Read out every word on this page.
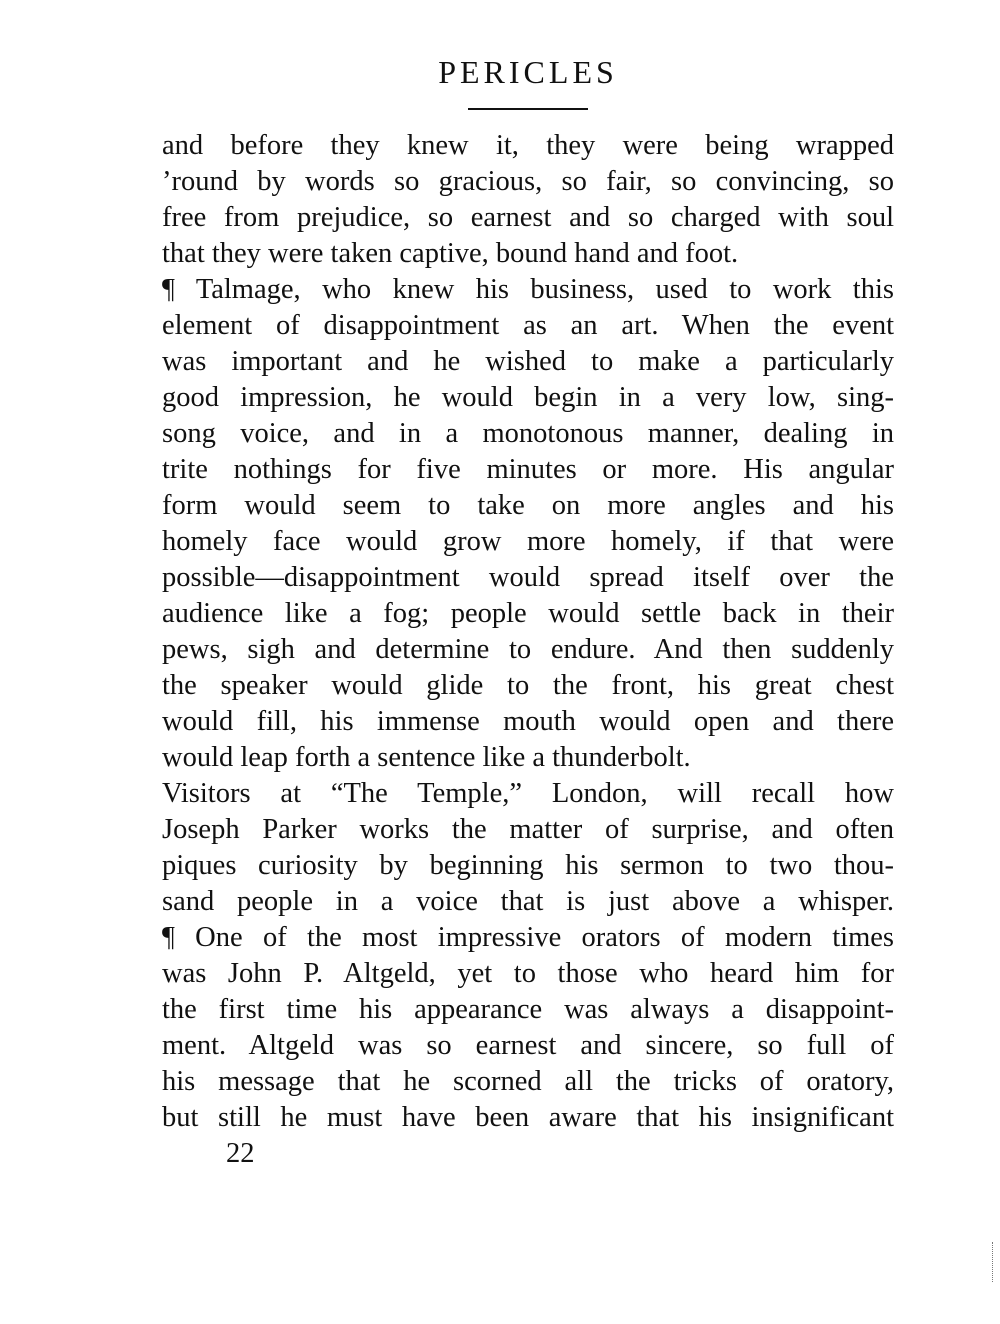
PERICLES
and before they knew it, they were being wrapped
’round by words so gracious, so fair, so convincing, so
free from prejudice, so earnest and so charged with soul
that they were taken captive, bound hand and foot.
¶ Talmage, who knew his business, used to work this
element of disappointment as an art. When the event
was important and he wished to make a particularly
good impression, he would begin in a very low, sing-
song voice, and in a monotonous manner, dealing in
trite nothings for five minutes or more. His angular
form would seem to take on more angles and his
homely face would grow more homely, if that were
possible—disappointment would spread itself over the
audience like a fog; people would settle back in their
pews, sigh and determine to endure. And then suddenly
the speaker would glide to the front, his great chest
would fill, his immense mouth would open and there
would leap forth a sentence like a thunderbolt.
Visitors at “The Temple,” London, will recall how
Joseph Parker works the matter of surprise, and often
piques curiosity by beginning his sermon to two thou-
sand people in a voice that is just above a whisper.
¶ One of the most impressive orators of modern times
was John P. Altgeld, yet to those who heard him for
the first time his appearance was always a disappoint-
ment. Altgeld was so earnest and sincere, so full of
his message that he scorned all the tricks of oratory,
but still he must have been aware that his insignificant
22
